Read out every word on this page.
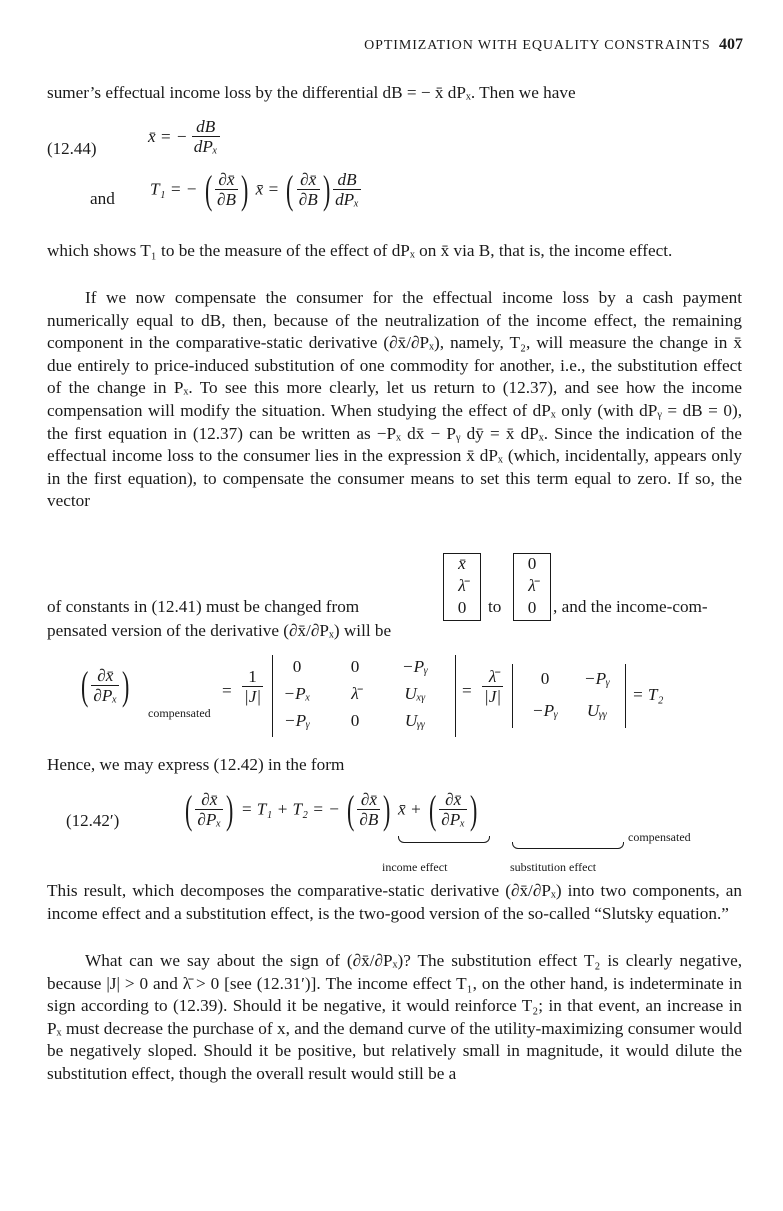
OPTIMIZATION WITH EQUALITY CONSTRAINTS 407
sumer’s effectual income loss by the differential dB = − x̄ dPₓ. Then we have
(12.44)
x̄ = − $\frac{dB}{\text{dPₓ}}$
and T₁ = − ( $\frac{\partial x̄}{\partial B}$ ) x̄ = ( $\frac{\partial x̄}{\partial B}$ ) $\frac{dB}{\text{dPₓ}}$
which shows T₁ to be the measure of the effect of dPₓ on x̄ via B, that is, the income effect.
If we now compensate the consumer for the effectual income loss by a cash payment numerically equal to dB, then, because of the neutralization of the income effect, the remaining component in the comparative-static derivative (∂x̄/∂Pₓ), namely, T₂, will measure the change in x̄ due entirely to price-induced substitution of one commodity for another, i.e., the substitution effect of the change in Pₓ. To see this more clearly, let us return to (12.37), and see how the income compensation will modify the situation. When studying the effect of dPₓ only (with dPᵧ = dB = 0), the first equation in (12.37) can be written as −Pₓ dx̄ − Pᵧ dȳ = x̄ dPₓ. Since the indication of the effectual income loss to the consumer lies in the expression x̄ dPₓ (which, incidentally, appears only in the first equation), to compensate the consumer means to set this term equal to zero. If so, the vector
of constants in (12.41) must be changed from
x̄
λ̄
0	to
0
λ̄
0 , and the income-com-
pensated version of the derivative (∂x̄/∂Pₓ) will be
( $\frac{\partial x̄}{\text{∂Pₓ}}$ )
compensated
= $\frac{1}{|J|}$
0	0	−Pᵧ
−Pₓ	λ̄	Uₓᵧ
−Pᵧ	0	Uᵧᵧ
= $\frac{\lambdā}{|J|}$	0	−Pᵧ
−Pᵧ	Uᵧᵧ
= T₂
Hence, we may express (12.42) in the form
(12.42′) ( $\frac{\partial x̄}{\text{∂Pₓ}}$ ) = T₁ + T₂ = − ( $\frac{\partial x̄}{\partial B}$ ) x̄ + ( $\frac{\partial x̄}{\text{∂Pₓ}}$ )
compensated
income effect	substitution effect
This result, which decomposes the comparative-static derivative (∂x̄/∂Pₓ) into two components, an income effect and a substitution effect, is the two-good version of the so-called “Slutsky equation.”
What can we say about the sign of (∂x̄/∂Pₓ)? The substitution effect T₂ is clearly negative, because |J| > 0 and λ̄ > 0 [see (12.31′)]. The income effect T₁, on the other hand, is indeterminate in sign according to (12.39). Should it be negative, it would reinforce T₂; in that event, an increase in Pₓ must decrease the purchase of x, and the demand curve of the utility-maximizing consumer would be negatively sloped. Should it be positive, but relatively small in magnitude, it would dilute the substitution effect, though the overall result would still be a
